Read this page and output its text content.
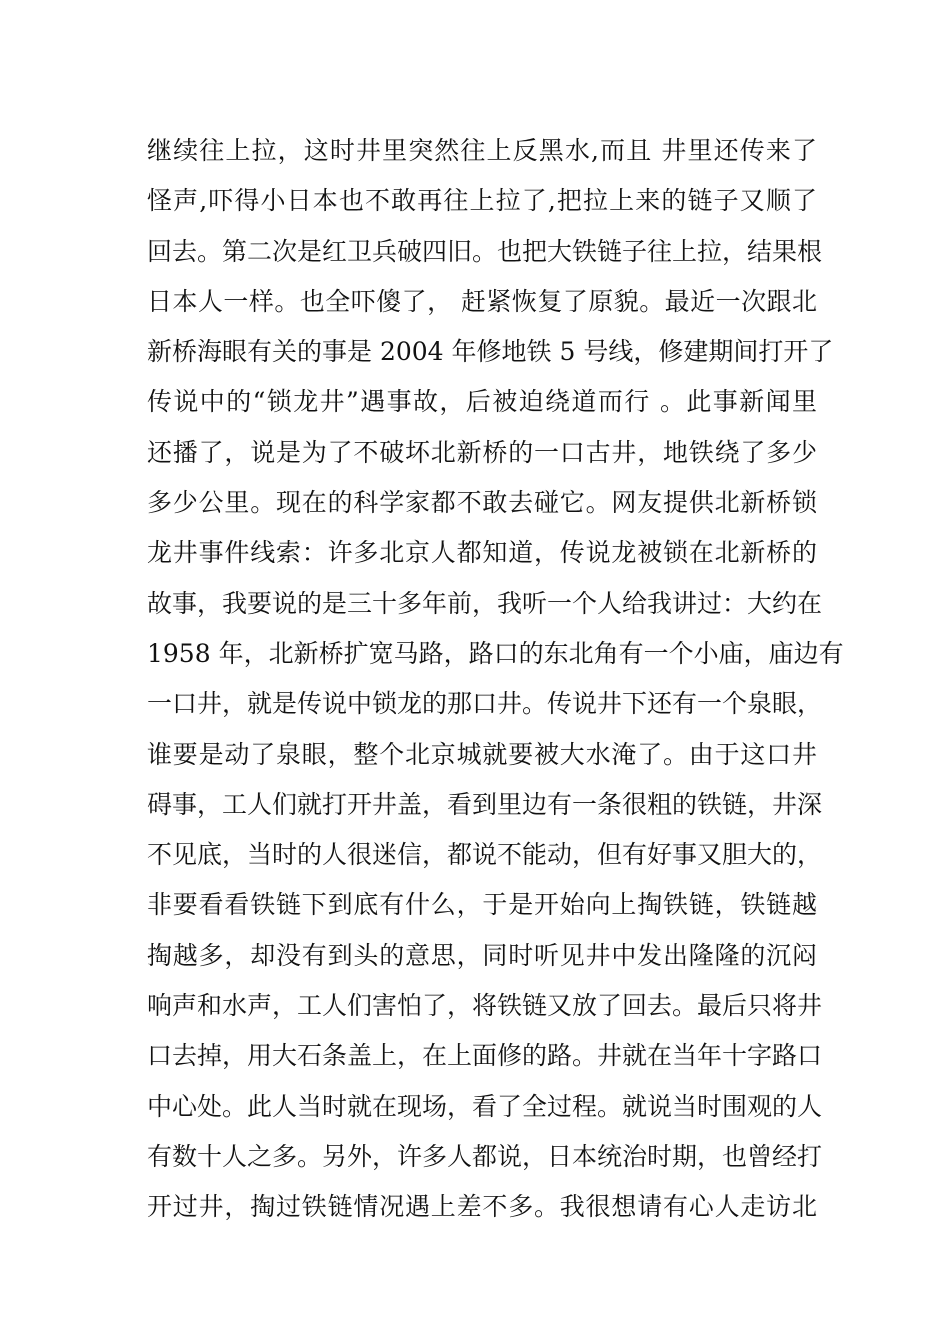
继续往上拉，这时井里突然往上反黑水,而且 井里还传来了
怪声,吓得小日本也不敢再往上拉了,把拉上来的链子又顺了
回去。第二次是红卫兵破四旧。也把大铁链子往上拉，结果根
日本人一样。也全吓傻了， 赶紧恢复了原貌。最近一次跟北
新桥海眼有关的事是 2004 年修地铁 5 号线，修建期间打开了
传说中的“锁龙井”遇事故，后被迫绕道而行 。此事新闻里
还播了，说是为了不破坏北新桥的一口古井，地铁绕了多少
多少公里。现在的科学家都不敢去碰它。网友提供北新桥锁
龙井事件线索：许多北京人都知道，传说龙被锁在北新桥的
故事，我要说的是三十多年前，我听一个人给我讲过：大约在
1958 年，北新桥扩宽马路，路口的东北角有一个小庙，庙边有
一口井，就是传说中锁龙的那口井。传说井下还有一个泉眼，
谁要是动了泉眼，整个北京城就要被大水淹了。由于这口井
碍事，工人们就打开井盖，看到里边有一条很粗的铁链，井深
不见底，当时的人很迷信，都说不能动，但有好事又胆大的，
非要看看铁链下到底有什么，于是开始向上掏铁链，铁链越
掏越多，却没有到头的意思，同时听见井中发出隆隆的沉闷
响声和水声，工人们害怕了，将铁链又放了回去。最后只将井
口去掉，用大石条盖上，在上面修的路。井就在当年十字路口
中心处。此人当时就在现场，看了全过程。就说当时围观的人
有数十人之多。另外，许多人都说，日本统治时期，也曾经打
开过井，掏过铁链情况遇上差不多。我很想请有心人走访北
